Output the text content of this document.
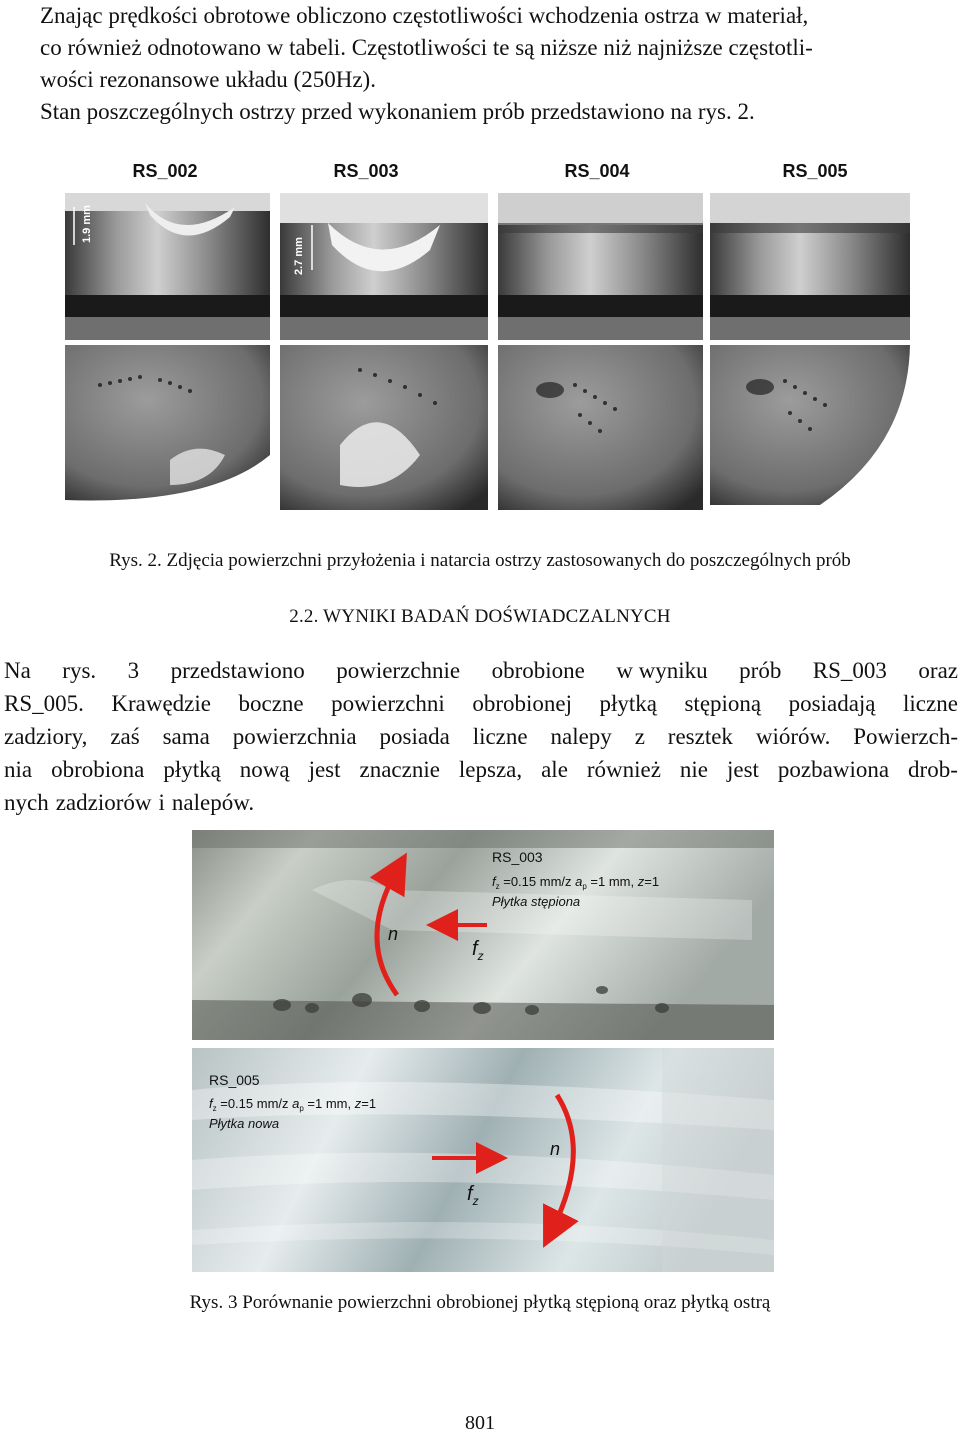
Znając prędkości obrotowe obliczono częstotliwości wchodzenia ostrza w materiał,
co również odnotowano w tabeli. Częstotliwości te są niższe niż najniższe częstotli-
wości rezonansowe układu (250Hz).
Stan poszczególnych ostrzy przed wykonaniem prób przedstawiono na rys. 2.
RS_002	RS_003	RS_004	RS_005
1.9 mm
2.7 mm
Rys. 2. Zdjęcia powierzchni przyłożenia i natarcia ostrzy zastosowanych do poszczególnych prób
2.2. WYNIKI BADAŃ DOŚWIADCZALNYCH
Na rys. 3 przedstawiono powierzchnie obrobione w wyniku prób RS_003 oraz
RS_005. Krawędzie boczne powierzchni obrobionej płytką stępioną posiadają liczne
zadziory, zaś sama powierzchnia posiada liczne nalepy z resztek wiórów. Powierzch-
nia obrobiona płytką nową jest znacznie lepsza, ale również nie jest pozbawiona drob-
nych zadziorów i nalepów.
n
$f_z$
RS_003
$f_z =0.15$ mm/z $a_p =1$ mm, z=1
Płytka stępiona
n
$f_z$
RS_005
$f_z =0.15$ mm/z $a_p =1$ mm, z=1
Płytka nowa
Rys. 3 Porównanie powierzchni obrobionej płytką stępioną oraz płytką ostrą
801
